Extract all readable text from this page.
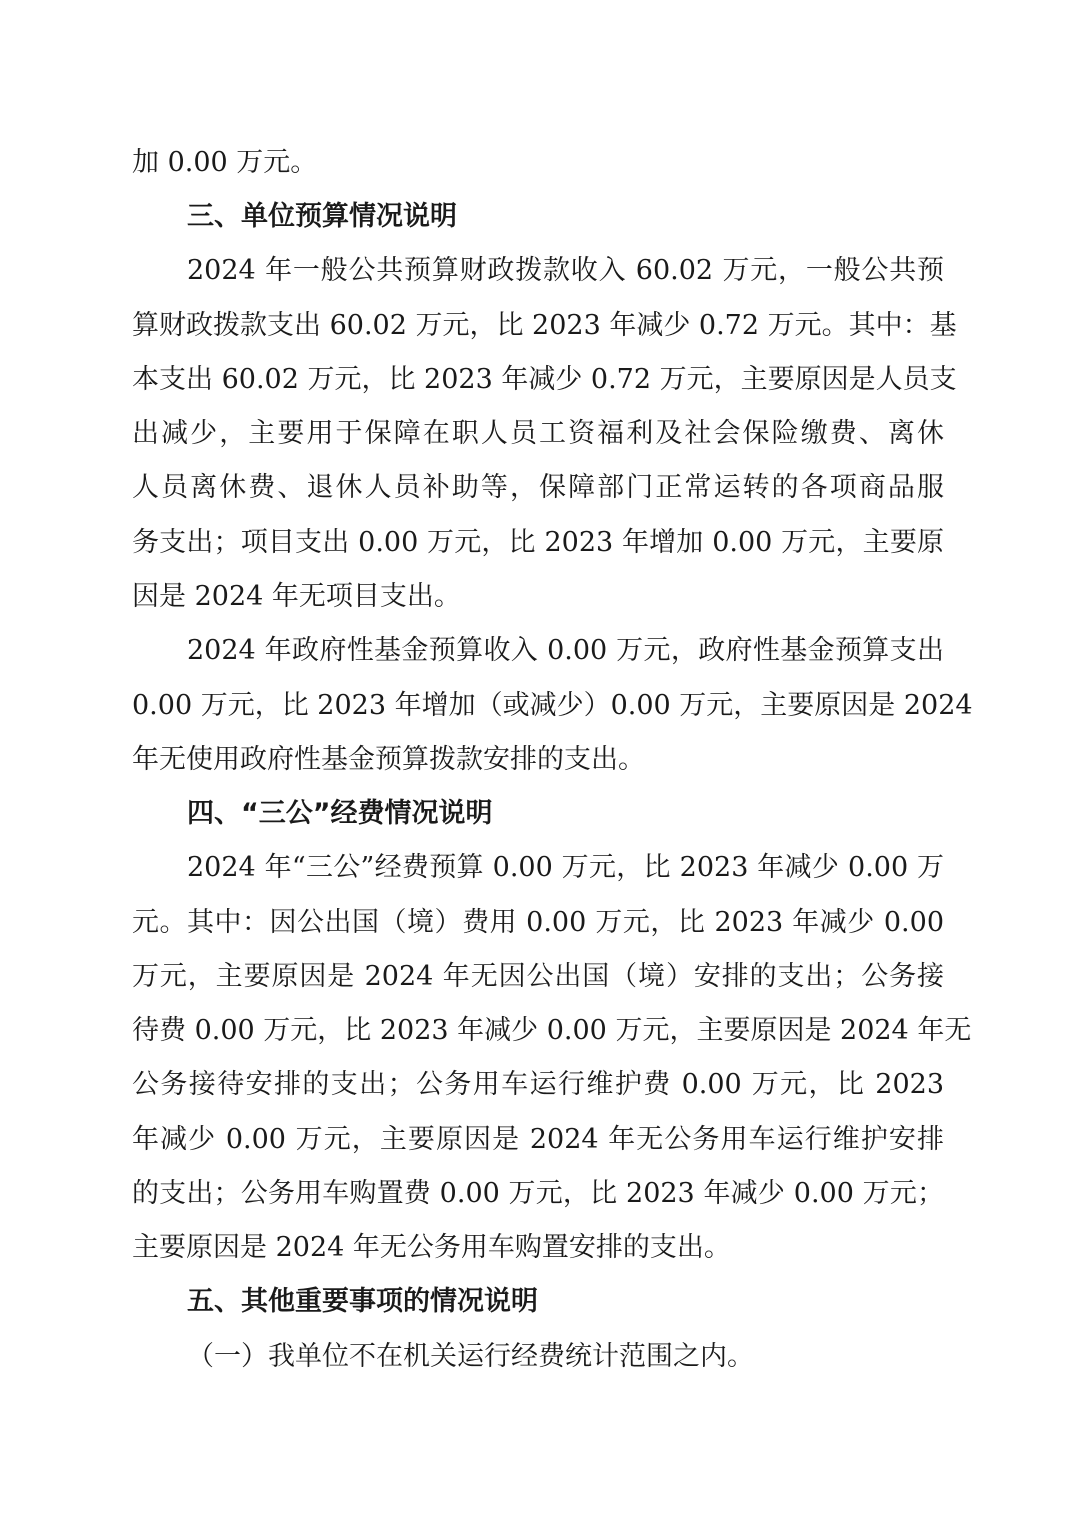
加 0.00 万元。
三、单位预算情况说明
2024 年一般公共预算财政拨款收入 60.02 万元，一般公共预
算财政拨款支出 60.02 万元，比 2023 年减少 0.72 万元。其中：基
本支出 60.02 万元，比 2023 年减少 0.72 万元，主要原因是人员支
出减少，主要用于保障在职人员工资福利及社会保险缴费、离休
人员离休费、退休人员补助等，保障部门正常运转的各项商品服
务支出；项目支出 0.00 万元，比 2023 年增加 0.00 万元，主要原
因是 2024 年无项目支出。
2024 年政府性基金预算收入 0.00 万元，政府性基金预算支出
0.00 万元，比 2023 年增加（或减少）0.00 万元，主要原因是 2024
年无使用政府性基金预算拨款安排的支出。
四、“三公”经费情况说明
2024 年“三公”经费预算 0.00 万元，比 2023 年减少 0.00 万
元。其中：因公出国（境）费用 0.00 万元，比 2023 年减少 0.00
万元，主要原因是 2024 年无因公出国（境）安排的支出；公务接
待费 0.00 万元，比 2023 年减少 0.00 万元，主要原因是 2024 年无
公务接待安排的支出；公务用车运行维护费 0.00 万元，比 2023
年减少 0.00 万元，主要原因是 2024 年无公务用车运行维护安排
的支出；公务用车购置费 0.00 万元，比 2023 年减少 0.00 万元；
主要原因是 2024 年无公务用车购置安排的支出。
五、其他重要事项的情况说明
（一）我单位不在机关运行经费统计范围之内。
